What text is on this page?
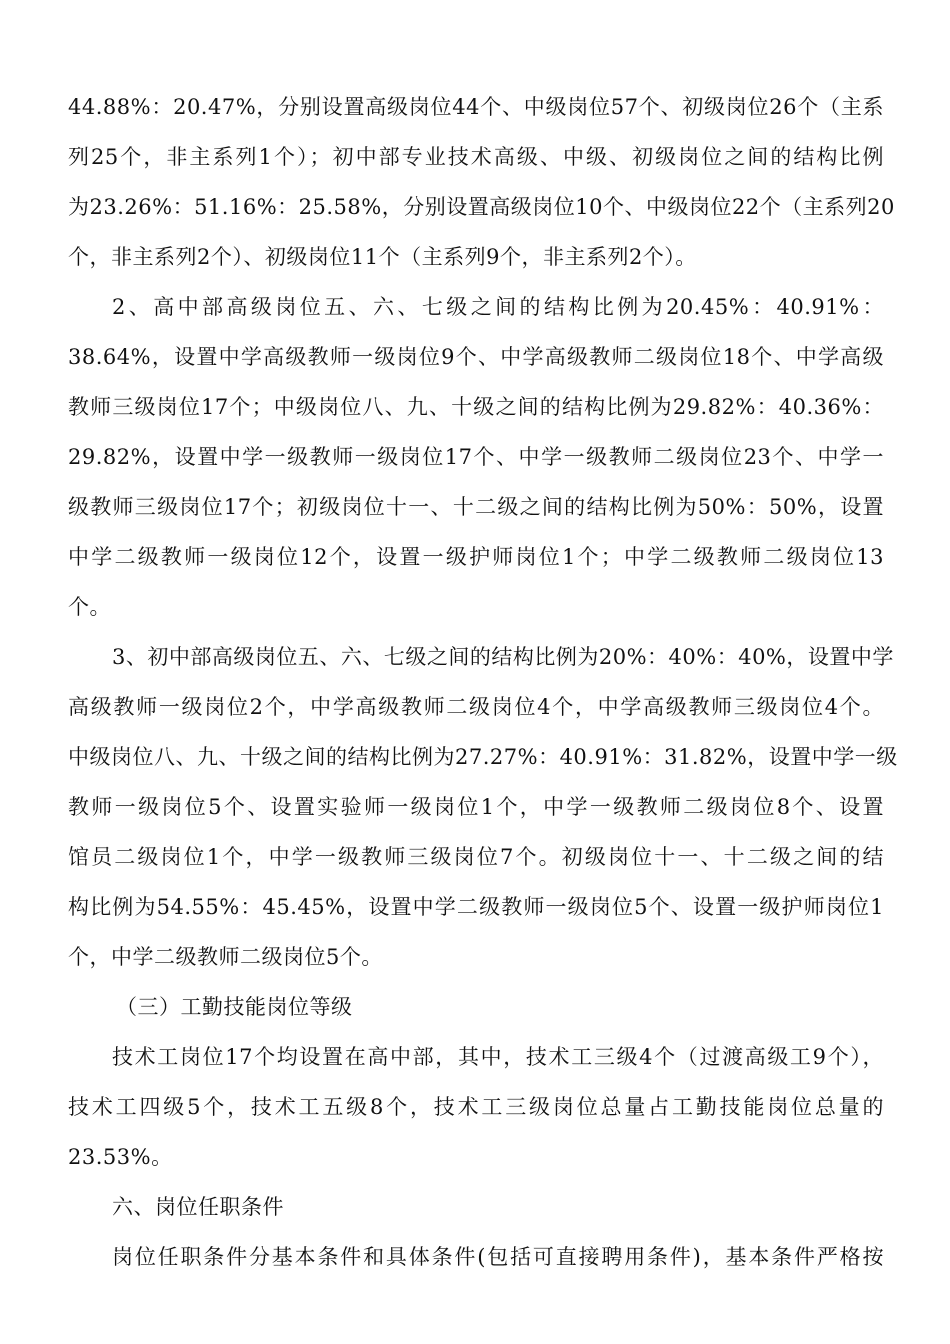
44.88%：20.47%，分别设置高级岗位44个、中级岗位57个、初级岗位26个（主系
列25个，非主系列1个）；初中部专业技术高级、中级、初级岗位之间的结构比例
为23.26%：51.16%：25.58%，分别设置高级岗位10个、中级岗位22个（主系列20
个，非主系列2个）、初级岗位11个（主系列9个，非主系列2个）。
2、高中部高级岗位五、六、七级之间的结构比例为20.45%：40.91%：
38.64%，设置中学高级教师一级岗位9个、中学高级教师二级岗位18个、中学高级
教师三级岗位17个；中级岗位八、九、十级之间的结构比例为29.82%：40.36%：
29.82%，设置中学一级教师一级岗位17个、中学一级教师二级岗位23个、中学一
级教师三级岗位17个；初级岗位十一、十二级之间的结构比例为50%：50%，设置
中学二级教师一级岗位12个，设置一级护师岗位1个；中学二级教师二级岗位13
个。
3、初中部高级岗位五、六、七级之间的结构比例为20%：40%：40%，设置中学
高级教师一级岗位2个，中学高级教师二级岗位4个，中学高级教师三级岗位4个。
中级岗位八、九、十级之间的结构比例为27.27%：40.91%：31.82%，设置中学一级
教师一级岗位5个、设置实验师一级岗位1个，中学一级教师二级岗位8个、设置
馆员二级岗位1个，中学一级教师三级岗位7个。初级岗位十一、十二级之间的结
构比例为54.55%：45.45%，设置中学二级教师一级岗位5个、设置一级护师岗位1
个，中学二级教师二级岗位5个。
（三）工勤技能岗位等级
技术工岗位17个均设置在高中部，其中，技术工三级4个（过渡高级工9个），
技术工四级5个，技术工五级8个，技术工三级岗位总量占工勤技能岗位总量的
23.53%。
六、岗位任职条件
岗位任职条件分基本条件和具体条件(包括可直接聘用条件)，基本条件严格按
